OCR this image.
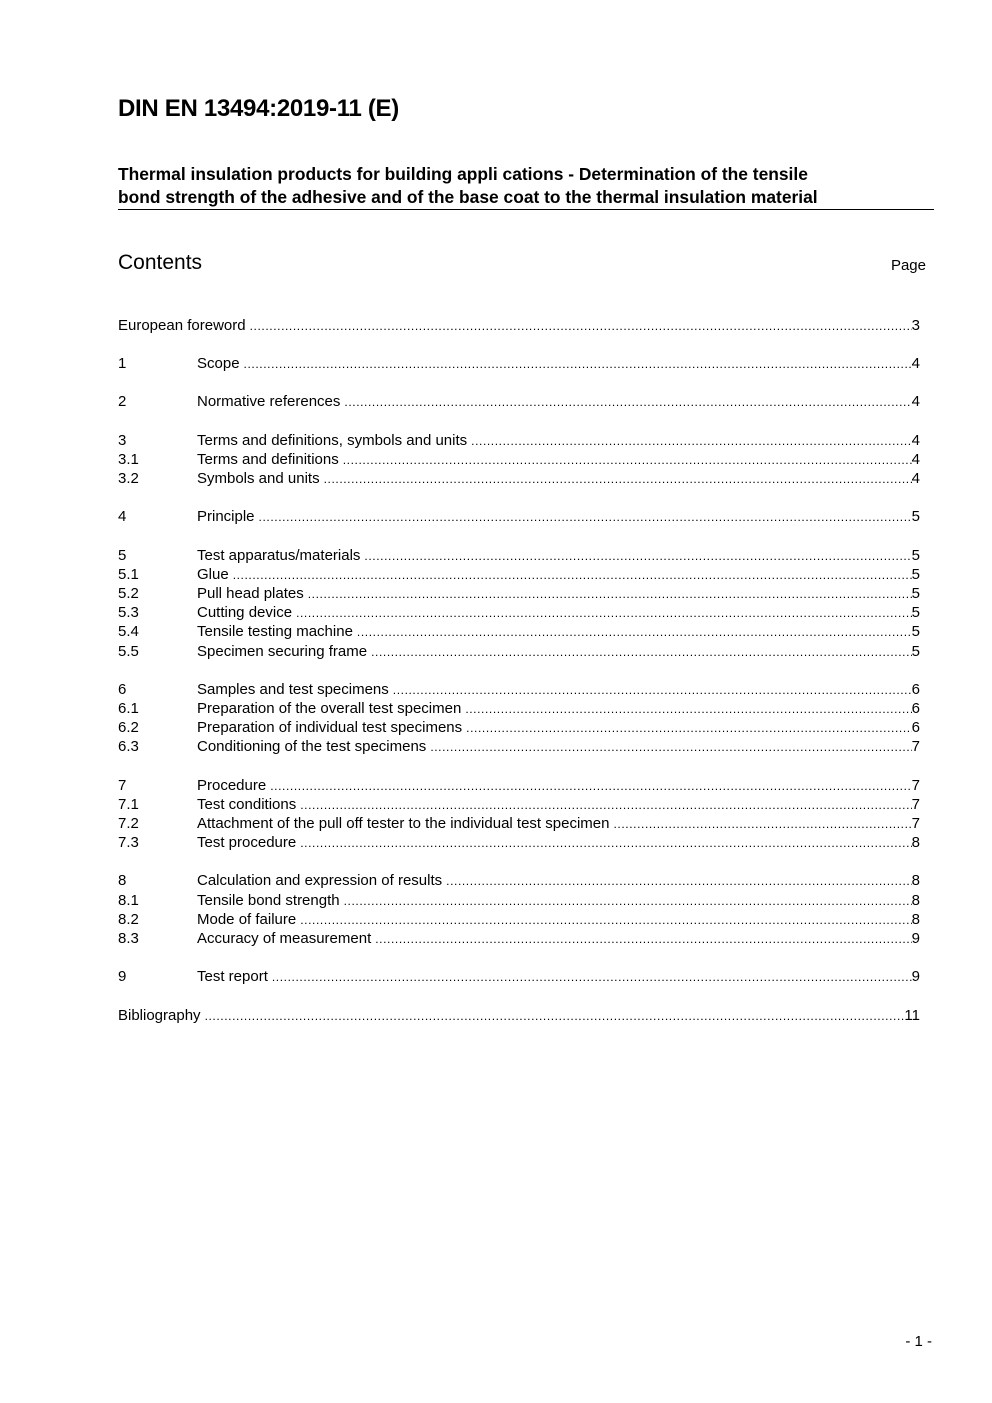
DIN EN 13494:2019-11 (E)
Thermal insulation products for building appli cations - Determination of the tensile
bond strength of the adhesive and of the base coat to the thermal insulation material
Contents	Page
European foreword .....	3
1	Scope .....	4
2	Normative references .....	4
3	Terms and definitions, symbols and units .....	4
3.1	Terms and definitions .....	4
3.2	Symbols and units .....	4
4	Principle .....	5
5	Test apparatus/materials .....	5
5.1	Glue .....	5
5.2	Pull head plates .....	5
5.3	Cutting device .....	5
5.4	Tensile testing machine .....	5
5.5	Specimen securing frame .....	5
6	Samples and test specimens .....	6
6.1	Preparation of the overall test specimen .....	6
6.2	Preparation of individual test specimens .....	6
6.3	Conditioning of the test specimens .....	7
7	Procedure .....	7
7.1	Test conditions .....	7
7.2	Attachment of the pull off tester to the individual test specimen .....	7
7.3	Test procedure .....	8
8	Calculation and expression of results .....	8
8.1	Tensile bond strength .....	8
8.2	Mode of failure .....	8
8.3	Accuracy of measurement .....	9
9	Test report .....	9
Bibliography .....	11
- 1 -
